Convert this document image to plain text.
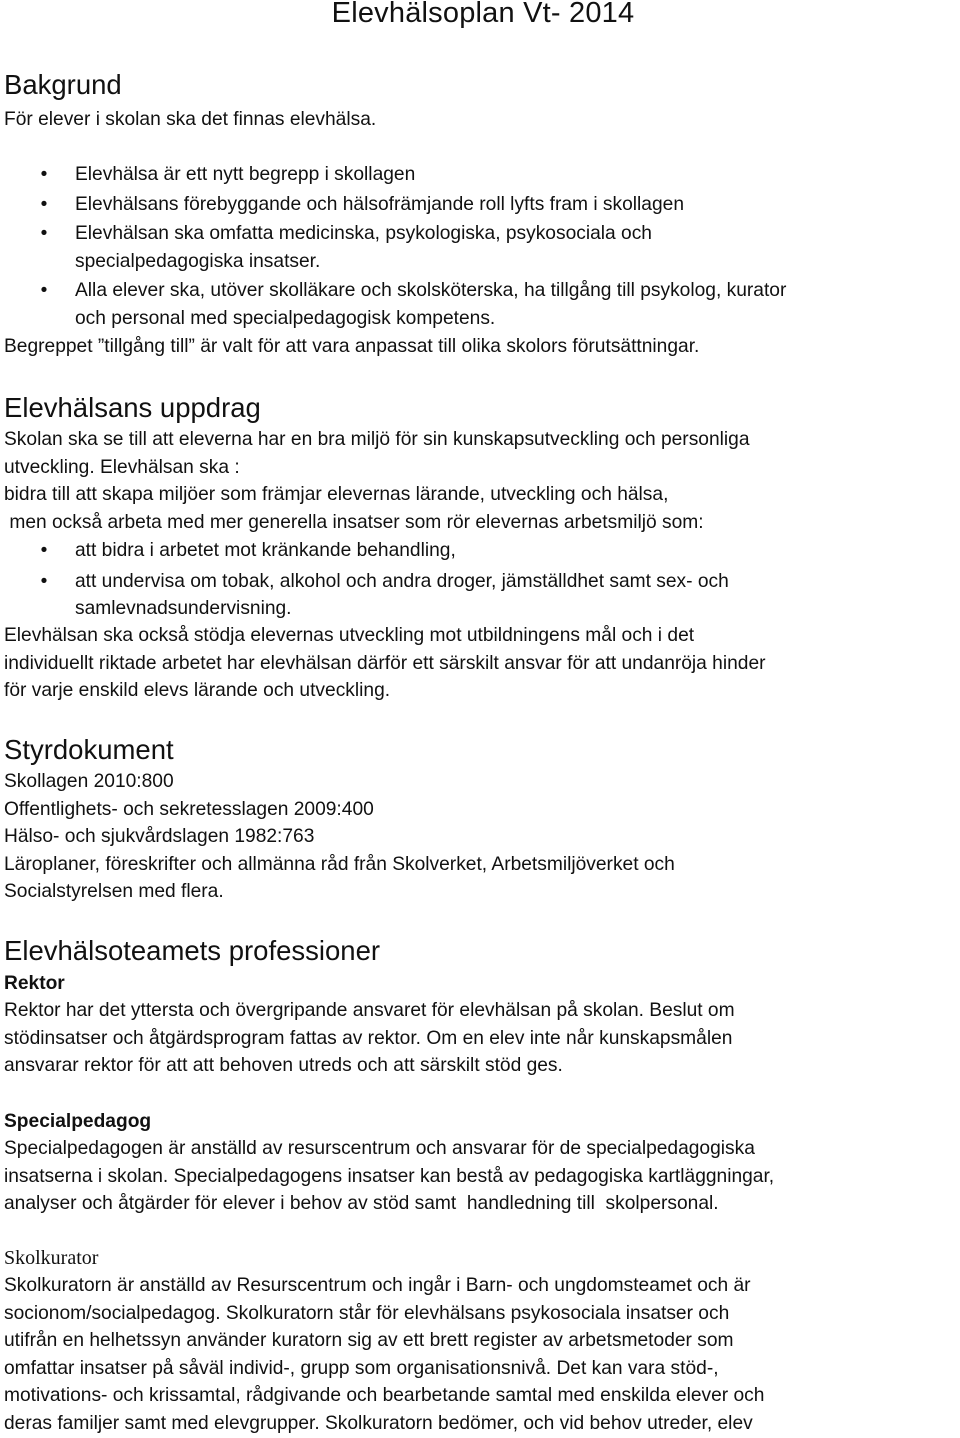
Elevhälsoplan Vt- 2014
Bakgrund

För elever i skolan ska det finnas elevhälsa.

• Elevhälsa är ett nytt begrepp i skollagen
• Elevhälsans förebyggande och hälsofrämjande roll lyfts fram i skollagen
• Elevhälsan ska omfatta medicinska, psykologiska, psykosociala och
specialpedagogiska insatser.
• Alla elever ska, utöver skolläkare och skolsköterska, ha tillgång till psykolog, kurator
och personal med specialpedagogisk kompetens.

Begreppet ”tillgång till” är valt för att vara anpassat till olika skolors förutsättningar.

Elevhälsans uppdrag

Skolan ska se till att eleverna har en bra miljö för sin kunskapsutveckling och personliga
utveckling. Elevhälsan ska :
bidra till att skapa miljöer som främjar elevernas lärande, utveckling och hälsa,
men också arbeta med mer generella insatser som rör elevernas arbetsmiljö som:

• att bidra i arbetet mot kränkande behandling,
• att undervisa om tobak, alkohol och andra droger, jämställdhet samt sex- och
samlevnadsundervisning.

Elevhälsan ska också stödja elevernas utveckling mot utbildningens mål och i det
individuellt riktade arbetet har elevhälsan därför ett särskilt ansvar för att undanröja hinder
för varje enskild elevs lärande och utveckling.

Styrdokument

Skollagen 2010:800
Offentlighets- och sekretesslagen 2009:400
Hälso- och sjukvårdslagen 1982:763
Läroplaner, föreskrifter och allmänna råd från Skolverket, Arbetsmiljöverket och
Socialstyrelsen med flera.

Elevhälsoteamets professioner
Rektor

Rektor har det yttersta och övergripande ansvaret för elevhälsan på skolan. Beslut om
stödinsatser och åtgärdsprogram fattas av rektor. Om en elev inte når kunskapsmålen
ansvarar rektor för att att behoven utreds och att särskilt stöd ges.

Specialpedagog

Specialpedagogen är anställd av resurscentrum och ansvarar för de specialpedagogiska
insatserna i skolan. Specialpedagogens insatser kan bestå av pedagogiska kartläggningar,
analyser och åtgärder för elever i behov av stöd samt  handledning till  skolpersonal.

Skolkurator

Skolkuratorn är anställd av Resurscentrum och ingår i Barn- och ungdomsteamet och är
socionom/socialpedagog. Skolkuratorn står för elevhälsans psykosociala insatser och
utifrån en helhetssyn använder kuratorn sig av ett brett register av arbetsmetoder som
omfattar insatser på såväl individ-, grupp som organisationsnivå. Det kan vara stöd-,
motivations- och krissamtal, rådgivande och bearbetande samtal med enskilda elever och
deras familjer samt med elevgrupper. Skolkuratorn bedömer, och vid behov utreder, elev
